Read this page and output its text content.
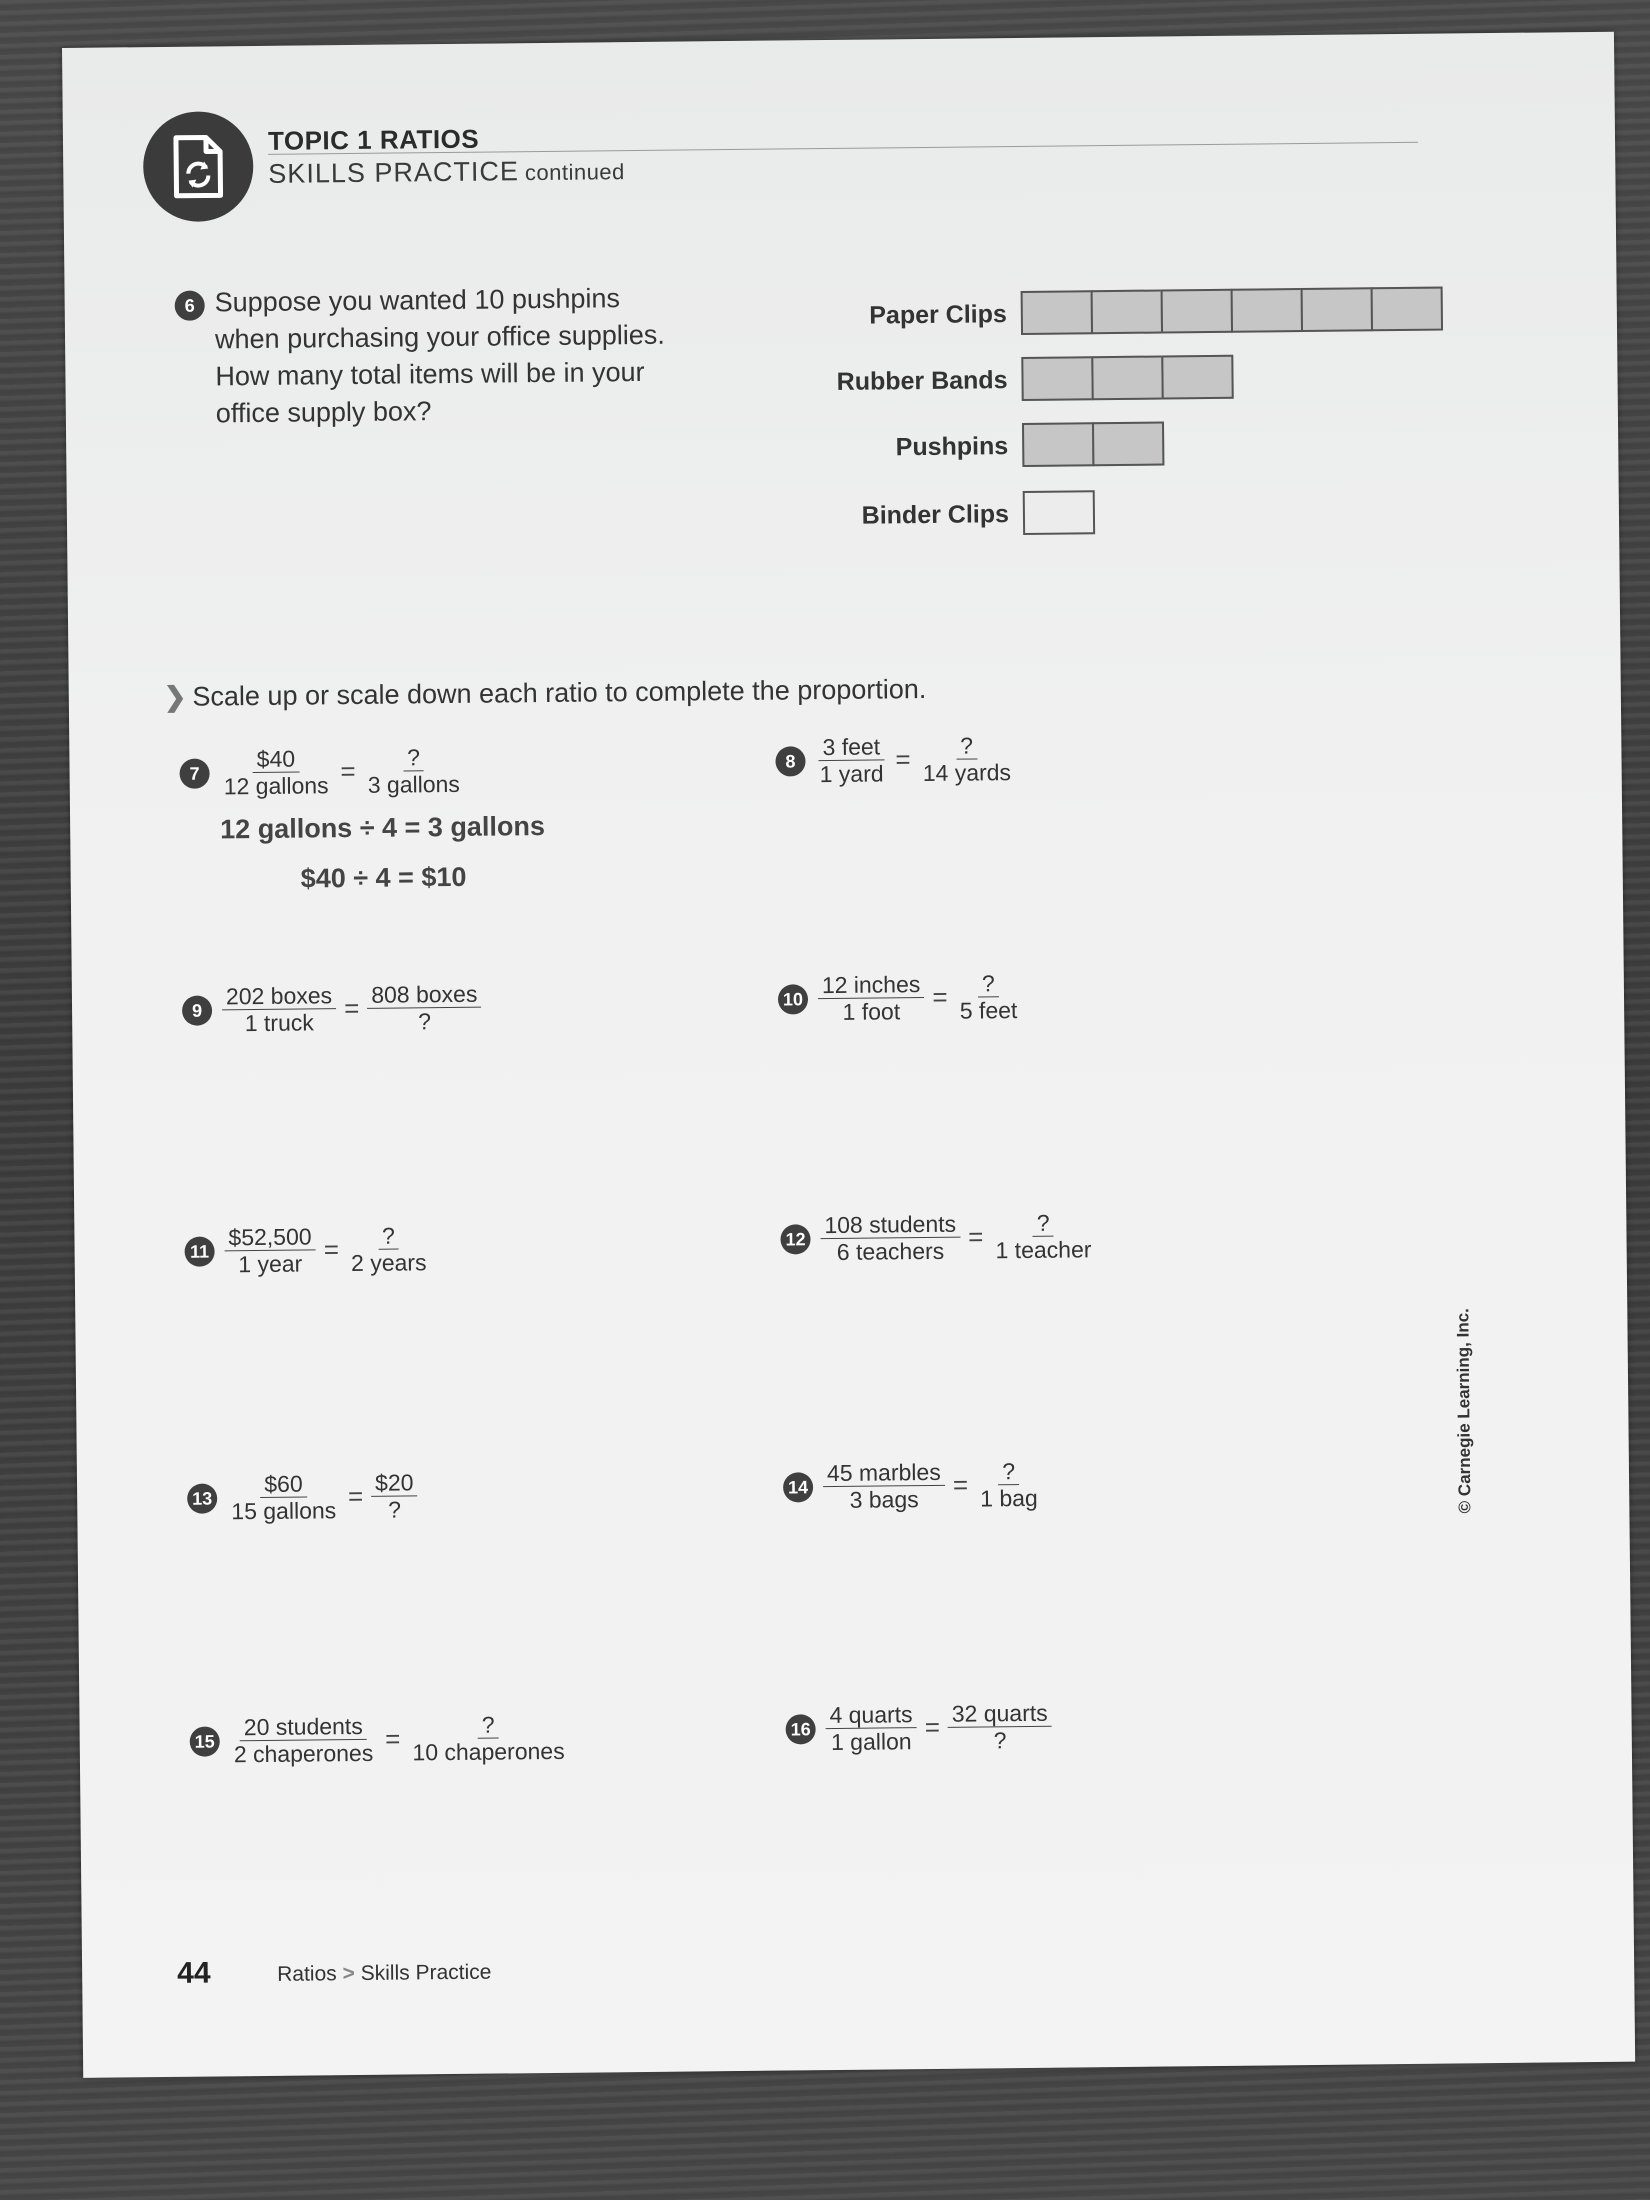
TOPIC 1 RATIOS
SKILLS PRACTICE continued
6 Suppose you wanted 10 pushpins
when purchasing your office supplies.
How many total items will be in your
office supply box?
Paper Clips
Rubber Bands
Pushpins
Binder Clips
❯ Scale up or scale down each ratio to complete the proportion.
$7 \frac{\$40}{\text{12 gallons}} = \frac{?}{\text{3 gallons}}$
12 gallons ÷ 4 = 3 gallons
$40 ÷ 4 = $10
$8 \frac{\text{3 feet}}{\text{1 yard}} = \frac{?}{\text{14 yards}}$
$9 \frac{\text{202 boxes}}{\text{1 truck}} = \frac{\text{808 boxes}}{?}$	$10 \frac{\text{12 inches}}{\text{1 foot}} = \frac{?}{\text{5 feet}}$
$11 \frac{\$52,500}{\text{1 year}} = \frac{?}{\text{2 years}}$	$12 \frac{\text{108 students}}{\text{6 teachers}} = \frac{?}{\text{1 teacher}}$
$13 \frac{\$60}{\text{15 gallons}} = \frac{\$20}{?}$	$14 \frac{\text{45 marbles}}{\text{3 bags}} = \frac{?}{\text{1 bag}}$
$15 \frac{\text{20 students}}{\text{2 chaperones}} = \frac{?}{\text{10 chaperones}}$	$16 \frac{\text{4 quarts}}{\text{1 gallon}} = \frac{\text{32 quarts}}{?}$
44	Ratios > Skills Practice
© Carnegie Learning, Inc.
